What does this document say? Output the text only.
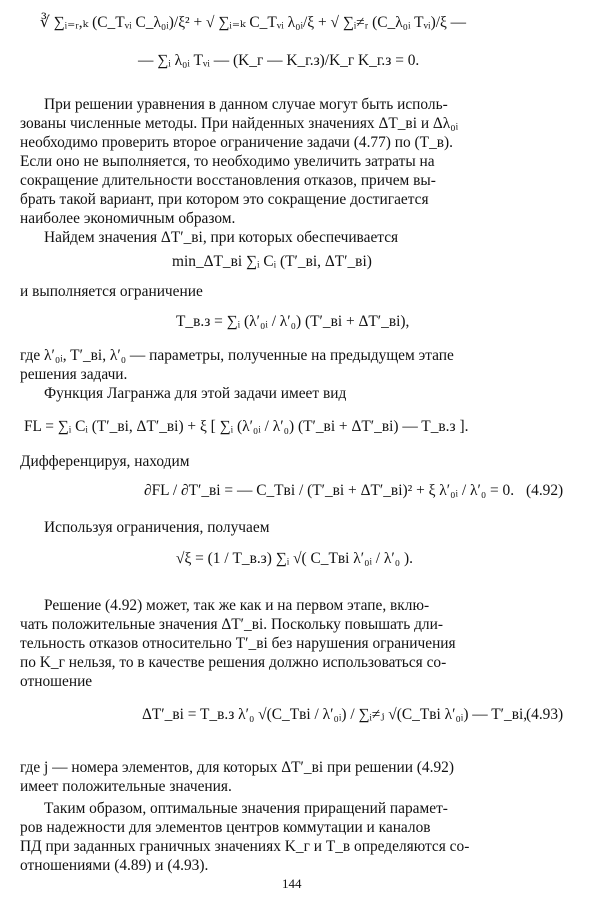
∛ ∑ᵢ₌ᵣ,ₖ (C_Tᵥᵢ C_λ₀ᵢ)/ξ² + √ ∑ᵢ₌ₖ C_Tᵥᵢ λ₀ᵢ/ξ + √ ∑ᵢ≠ᵣ (C_λ₀ᵢ Tᵥᵢ)/ξ —
— ∑ᵢ λ₀ᵢ Tᵥᵢ — (K_г — K_г.з)/K_г K_г.з = 0.
При решении уравнения в данном случае могут быть исполь-
зованы численные методы. При найденных значениях ΔT_вi и Δλ₀ᵢ
необходимо проверить второе ограничение задачи (4.77) по (T_в).
Если оно не выполняется, то необходимо увеличить затраты на
сокращение длительности восстановления отказов, причем вы-
брать такой вариант, при котором это сокращение достигается
наиболее экономичным образом.
Найдем значения ΔT′_вi, при которых обеспечивается
min_ΔT_вi ∑ᵢ Cᵢ (T′_вi, ΔT′_вi)
и выполняется ограничение
T_в.з = ∑ᵢ (λ′₀ᵢ / λ′₀) (T′_вi + ΔT′_вi),
где λ′₀ᵢ, T′_вi, λ′₀ — параметры, полученные на предыдущем этапе
решения задачи.
Функция Лагранжа для этой задачи имеет вид
FL = ∑ᵢ Cᵢ (T′_вi, ΔT′_вi) + ξ [ ∑ᵢ (λ′₀ᵢ / λ′₀) (T′_вi + ΔT′_вi) — T_в.з ].
Дифференцируя, находим
∂FL / ∂T′_вi = — C_Tвi / (T′_вi + ΔT′_вi)² + ξ λ′₀ᵢ / λ′₀ = 0. (4.92)
Используя ограничения, получаем
√ξ = (1 / T_в.з) ∑ᵢ √( C_Tвi λ′₀ᵢ / λ′₀ ).
Решение (4.92) может, так же как и на первом этапе, вклю-
чать положительные значения ΔT′_вi. Поскольку повышать дли-
тельность отказов относительно T′_вi без нарушения ограничения
по K_г нельзя, то в качестве решения должно использоваться со-
отношение
ΔT′_вi = T_в.з λ′₀ √(C_Tвi / λ′₀ᵢ) / ∑ᵢ≠ⱼ √(C_Tвi λ′₀ᵢ) — T′_вi,
(4.93)
где j — номера элементов, для которых ΔT′_вi при решении (4.92)
имеет положительные значения.
Таким образом, оптимальные значения приращений парамет-
ров надежности для элементов центров коммутации и каналов
ПД при заданных граничных значениях K_г и T_в определяются со-
отношениями (4.89) и (4.93).
144
